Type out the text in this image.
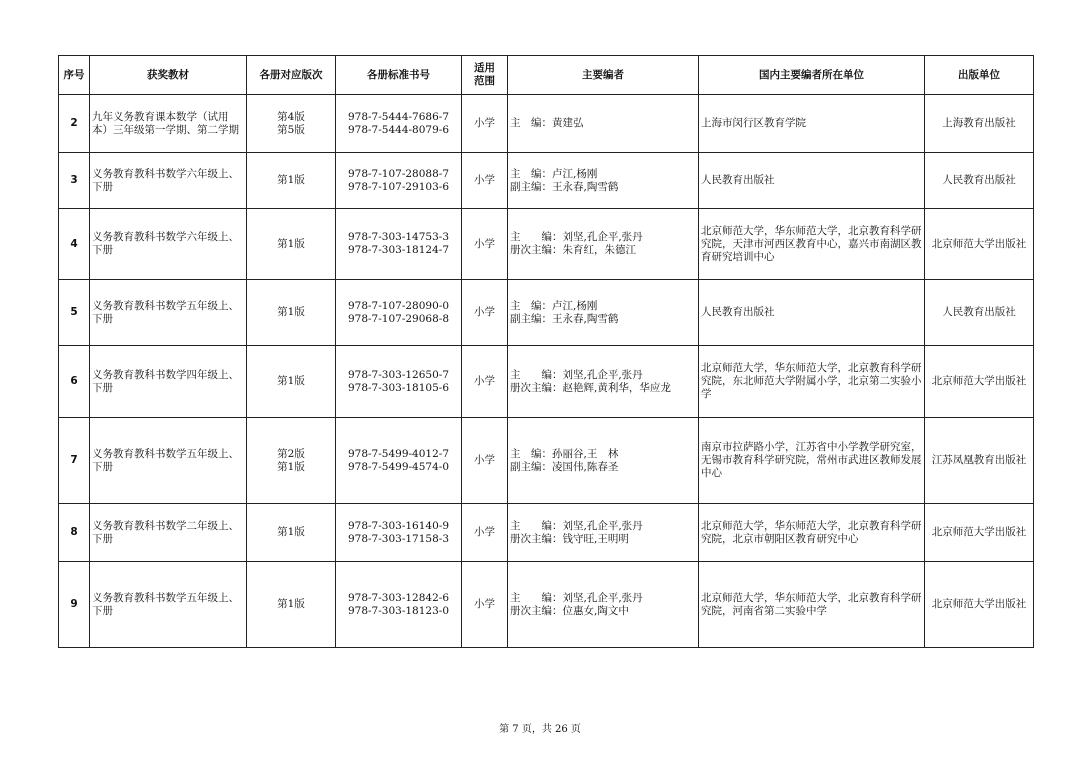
序号	获奖教材	各册对应版次	各册标准书号	适用范围	主要编者	国内主要编者所在单位	出版单位

2	九年义务教育课本数学（试用本）三年级第一学期、第二学期	第4版
第5版	978-7-5444-7686-7
978-7-5444-8079-6	小学	主　编：黄建弘	上海市闵行区教育学院	上海教育出版社

3	义务教育教科书数学六年级上、下册	第1版	978-7-107-28088-7
978-7-107-29103-6	小学	主　编：卢江,杨刚
副主编：王永春,陶雪鹤	人民教育出版社	人民教育出版社

4	义务教育教科书数学六年级上、下册	第1版	978-7-303-14753-3
978-7-303-18124-7	小学	主　　编：刘坚,孔企平,张丹
册次主编：朱育红，朱德江	北京师范大学，华东师范大学，北京教育科学研究院，天津市河西区教育中心，嘉兴市南湖区教育研究培训中心	北京师范大学出版社

5	义务教育教科书数学五年级上、下册	第1版	978-7-107-28090-0
978-7-107-29068-8	小学	主　编：卢江,杨刚
副主编：王永春,陶雪鹤	人民教育出版社	人民教育出版社

6	义务教育教科书数学四年级上、下册	第1版	978-7-303-12650-7
978-7-303-18105-6	小学	主　　编：刘坚,孔企平,张丹
册次主编：赵艳辉,黄利华，华应龙	北京师范大学，华东师范大学，北京教育科学研究院，东北师范大学附属小学，北京第二实验小学	北京师范大学出版社

7	义务教育教科书数学五年级上、下册	第2版
第1版	978-7-5499-4012-7
978-7-5499-4574-0	小学	主　编：孙丽谷,王　林
副主编：凌国伟,陈春圣	南京市拉萨路小学，江苏省中小学教学研究室，无锡市教育科学研究院，常州市武进区教师发展中心	江苏凤凰教育出版社

8	义务教育教科书数学二年级上、下册	第1版	978-7-303-16140-9
978-7-303-17158-3	小学	主　　编：刘坚,孔企平,张丹
册次主编：钱守旺,王明明	北京师范大学，华东师范大学，北京教育科学研究院，北京市朝阳区教育研究中心	北京师范大学出版社

9	义务教育教科书数学五年级上、下册	第1版	978-7-303-12842-6
978-7-303-18123-0	小学	主　　编：刘坚,孔企平,张丹
册次主编：位惠女,陶文中	北京师范大学，华东师范大学，北京教育科学研究院，河南省第二实验中学	北京师范大学出版社
第 7 页，共 26 页
